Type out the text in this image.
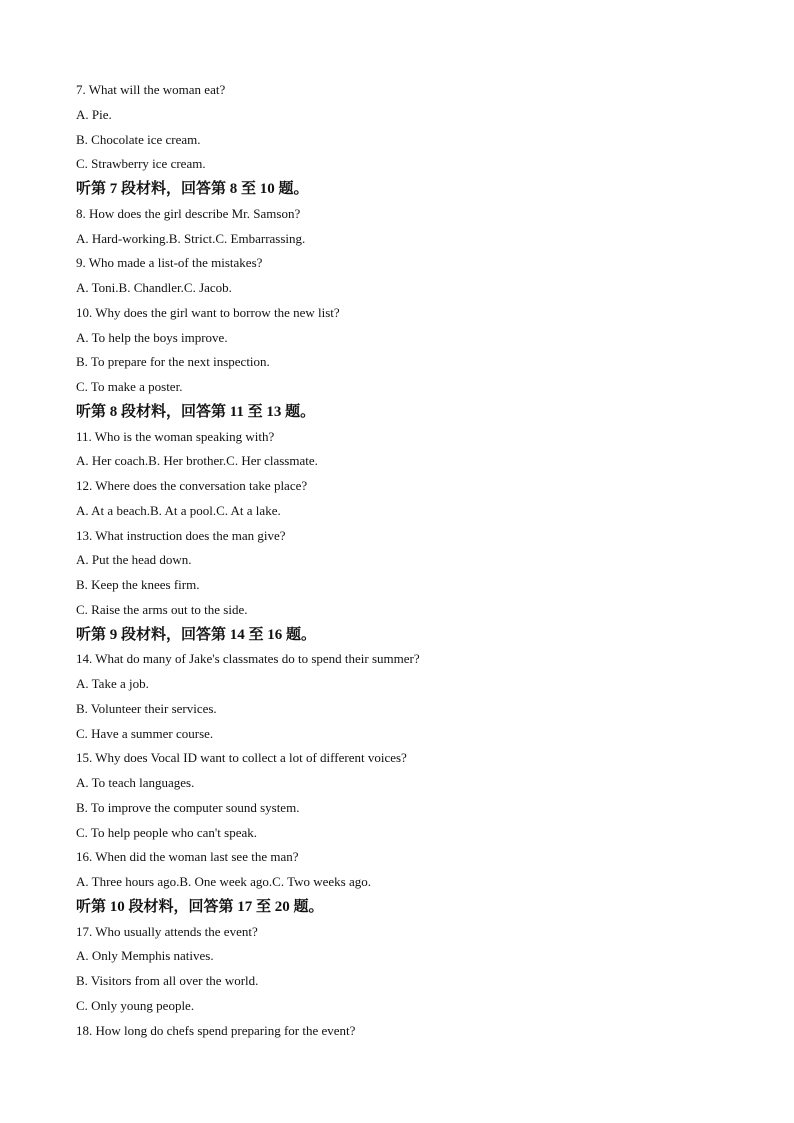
7. What will the woman eat?
A. Pie.
B. Chocolate ice cream.
C. Strawberry ice cream.
听第 7 段材料，回答第 8 至 10 题。
8. How does the girl describe Mr. Samson?
A. Hard-working.B. Strict.C. Embarrassing.
9. Who made a list-of the mistakes?
A. Toni.B. Chandler.C. Jacob.
10. Why does the girl want to borrow the new list?
A. To help the boys improve.
B. To prepare for the next inspection.
C. To make a poster.
听第 8 段材料，回答第 11 至 13 题。
11. Who is the woman speaking with?
A. Her coach.B. Her brother.C. Her classmate.
12. Where does the conversation take place?
A. At a beach.B. At a pool.C. At a lake.
13. What instruction does the man give?
A. Put the head down.
B. Keep the knees firm.
C. Raise the arms out to the side.
听第 9 段材料，回答第 14 至 16 题。
14. What do many of Jake's classmates do to spend their summer?
A. Take a job.
B. Volunteer their services.
C. Have a summer course.
15. Why does Vocal ID want to collect a lot of different voices?
A. To teach languages.
B. To improve the computer sound system.
C. To help people who can't speak.
16. When did the woman last see the man?
A. Three hours ago.B. One week ago.C. Two weeks ago.
听第 10 段材料，回答第 17 至 20 题。
17. Who usually attends the event?
A. Only Memphis natives.
B. Visitors from all over the world.
C. Only young people.
18. How long do chefs spend preparing for the event?
